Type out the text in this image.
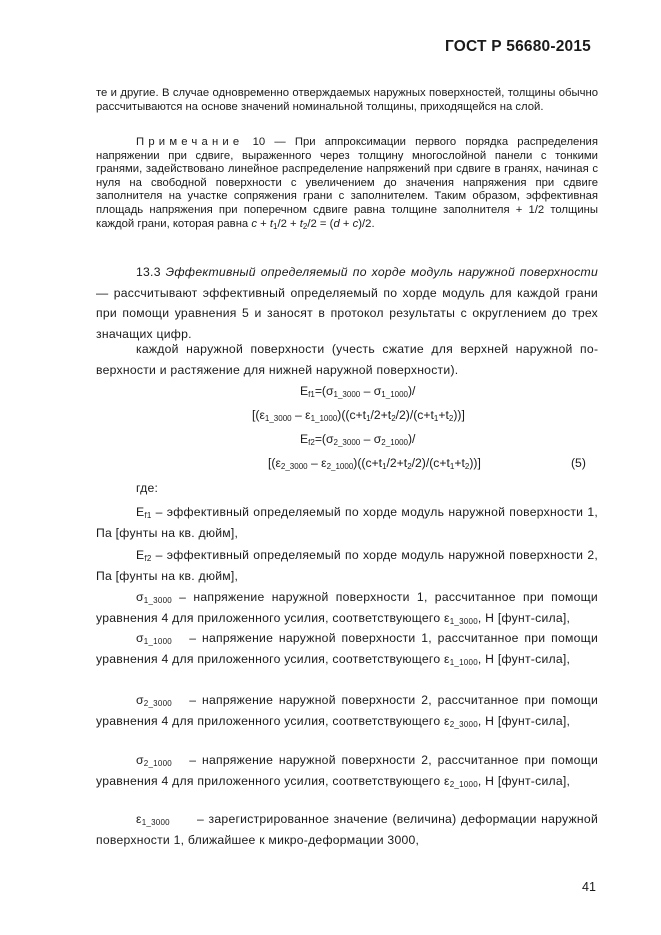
ГОСТ Р 56680-2015
те и другие. В случае одновременно отверждаемых наружных поверхностей, толщины обычно рассчитываются на основе значений номинальной толщины, приходящейся на слой.
Примечание 10 — При аппроксимации первого порядка распределения напряжении при сдвиге, выраженного через толщину многослойной панели с тонкими гранями, задействовано линейное распределение напряжений при сдвиге в гранях, начиная с нуля на свободной поверхности с увеличением до значения напряжения при сдвиге заполнителя на участке сопряжения грани с заполнителем. Таким образом, эффективная площадь напряжения при поперечном сдвиге равна толщине заполнителя + 1/2 толщины каждой грани, которая равна $c + t_1/2 + t_2/2 = (d + c)/2$.
13.3 Эффективный определяемый по хорде модуль наружной поверхности — рассчитывают эффективный определяемый по хорде модуль для каждой грани при помощи уравнения 5 и заносят в протокол результаты с округлением до трех значащих цифр.
каждой наружной поверхности (учесть сжатие для верхней наружной поверхности и растяжение для нижней наружной поверхности).
$E_{f1}=(\sigma_{1\_3000} - \sigma_{1\_1000})/$
$[(\varepsilon_{1\_3000} - \varepsilon_{1\_1000})((c+t_1/2+t_2/2)/(c+t_1+t_2))]$
$E_{f2}=(\sigma_{2\_3000} - \sigma_{2\_1000})/$
$[(\varepsilon_{2\_3000} - \varepsilon_{2\_1000})((c+t_1/2+t_2/2)/(c+t_1+t_2))]$	(5)
где:
$E_{f1}$ – эффективный определяемый по хорде модуль наружной поверхности 1, Па [фунты на кв. дюйм],
$E_{f2}$ – эффективный определяемый по хорде модуль наружной поверхности 2, Па [фунты на кв. дюйм],
$\sigma_{1\_3000}$ – напряжение наружной поверхности 1, рассчитанное при помощи уравнения 4 для приложенного усилия, соответствующего $\varepsilon_{1\_3000}$, Н [фунт-сила],
$\sigma_{1\_1000}$   – напряжение наружной поверхности 1, рассчитанное при помощи уравнения 4 для приложенного усилия, соответствующего $\varepsilon_{1\_1000}$, Н [фунт-сила],
$\sigma_{2\_3000}$   – напряжение наружной поверхности 2, рассчитанное при помощи уравнения 4 для приложенного усилия, соответствующего $\varepsilon_{2\_3000}$, Н [фунт-сила],
$\sigma_{2\_1000}$   – напряжение наружной поверхности 2, рассчитанное при помощи уравнения 4 для приложенного усилия, соответствующего $\varepsilon_{2\_1000}$, Н [фунт-сила],
$\varepsilon_{1\_3000}$      – зарегистрированное значение (величина) деформации наружной поверхности 1, ближайшее к микро-деформации 3000,
41
